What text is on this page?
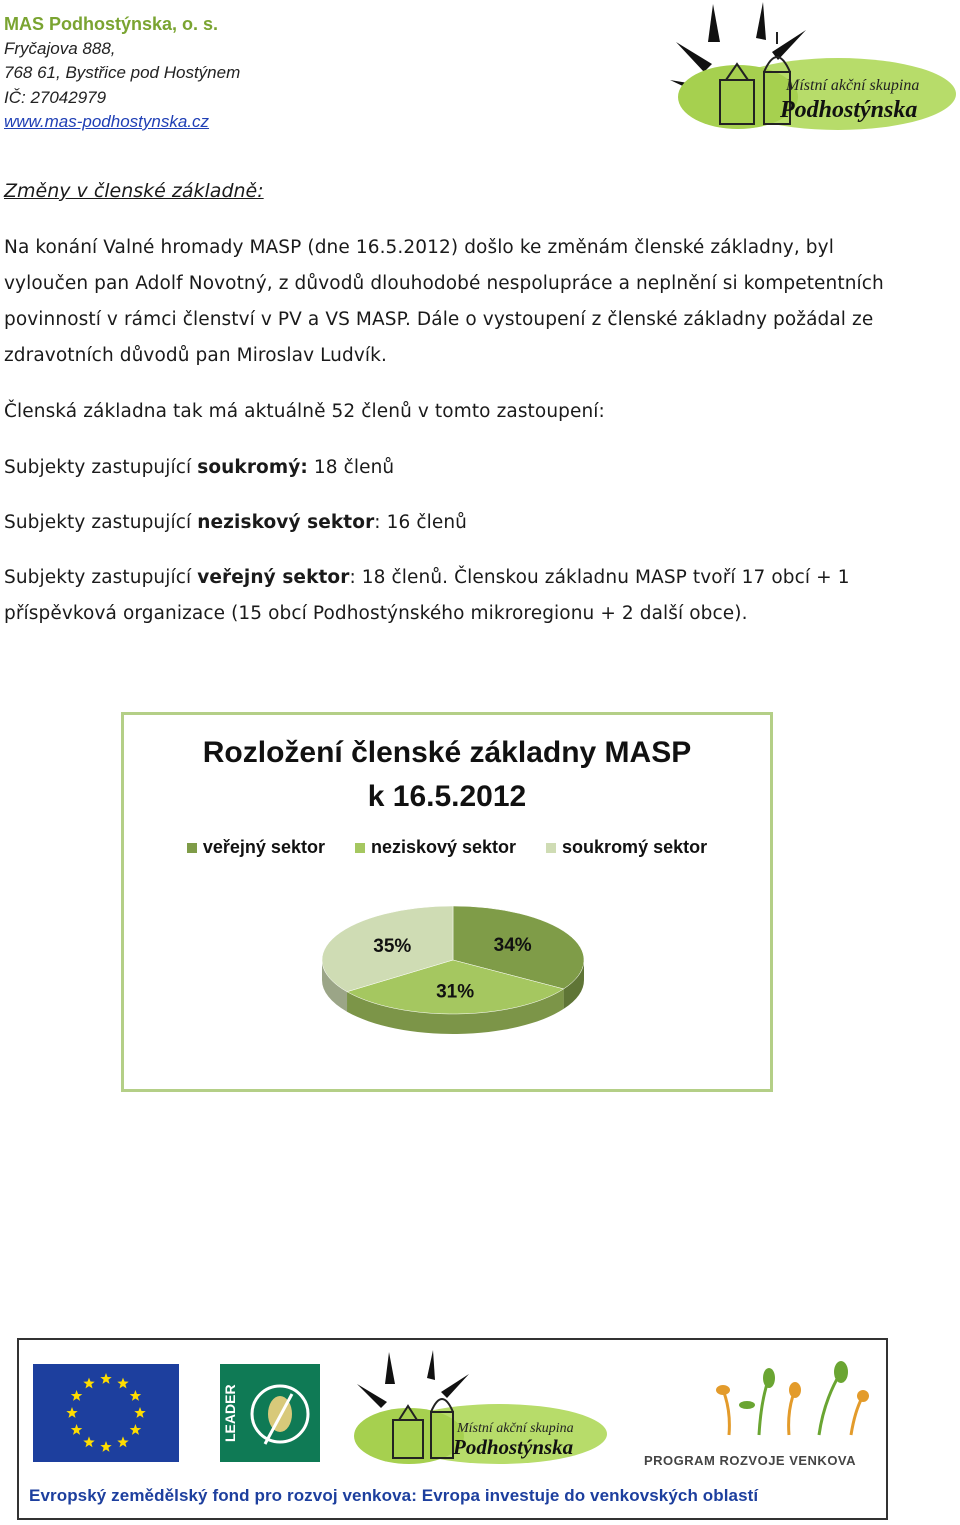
MAS Podhostýnska, o. s.
Fryčajova 888,
768 61, Bystřice pod Hostýnem
IČ: 27042979
www.mas-podhostynska.cz
Místní akční skupina
Podhostýnska
Změny v členské základně:
Na konání Valné hromady MASP (dne 16.5.2012) došlo ke změnám členské základny, byl vyloučen pan Adolf Novotný, z důvodů dlouhodobé nespolupráce a neplnění si kompetentních povinností v rámci členství v PV a VS MASP. Dále o vystoupení z členské základny požádal ze zdravotních důvodů pan Miroslav Ludvík.
Členská základna tak má aktuálně 52 členů v tomto zastoupení:
Subjekty zastupující soukromý: 18 členů
Subjekty zastupující neziskový sektor: 16 členů
Subjekty zastupující veřejný sektor: 18 členů. Členskou základnu MASP tvoří 17 obcí + 1 příspěvková organizace (15 obcí Podhostýnského mikroregionu + 2 další obce).
Rozložení členské základny MASP
k 16.5.2012
veřejný sektor	neziskový sektor	soukromý sektor
34%
31%
35%
LEADER	Místní akční skupina
Podhostýnska
PROGRAM ROZVOJE VENKOVA
Evropský zemědělský fond pro rozvoj venkova: Evropa investuje do venkovských oblastí
